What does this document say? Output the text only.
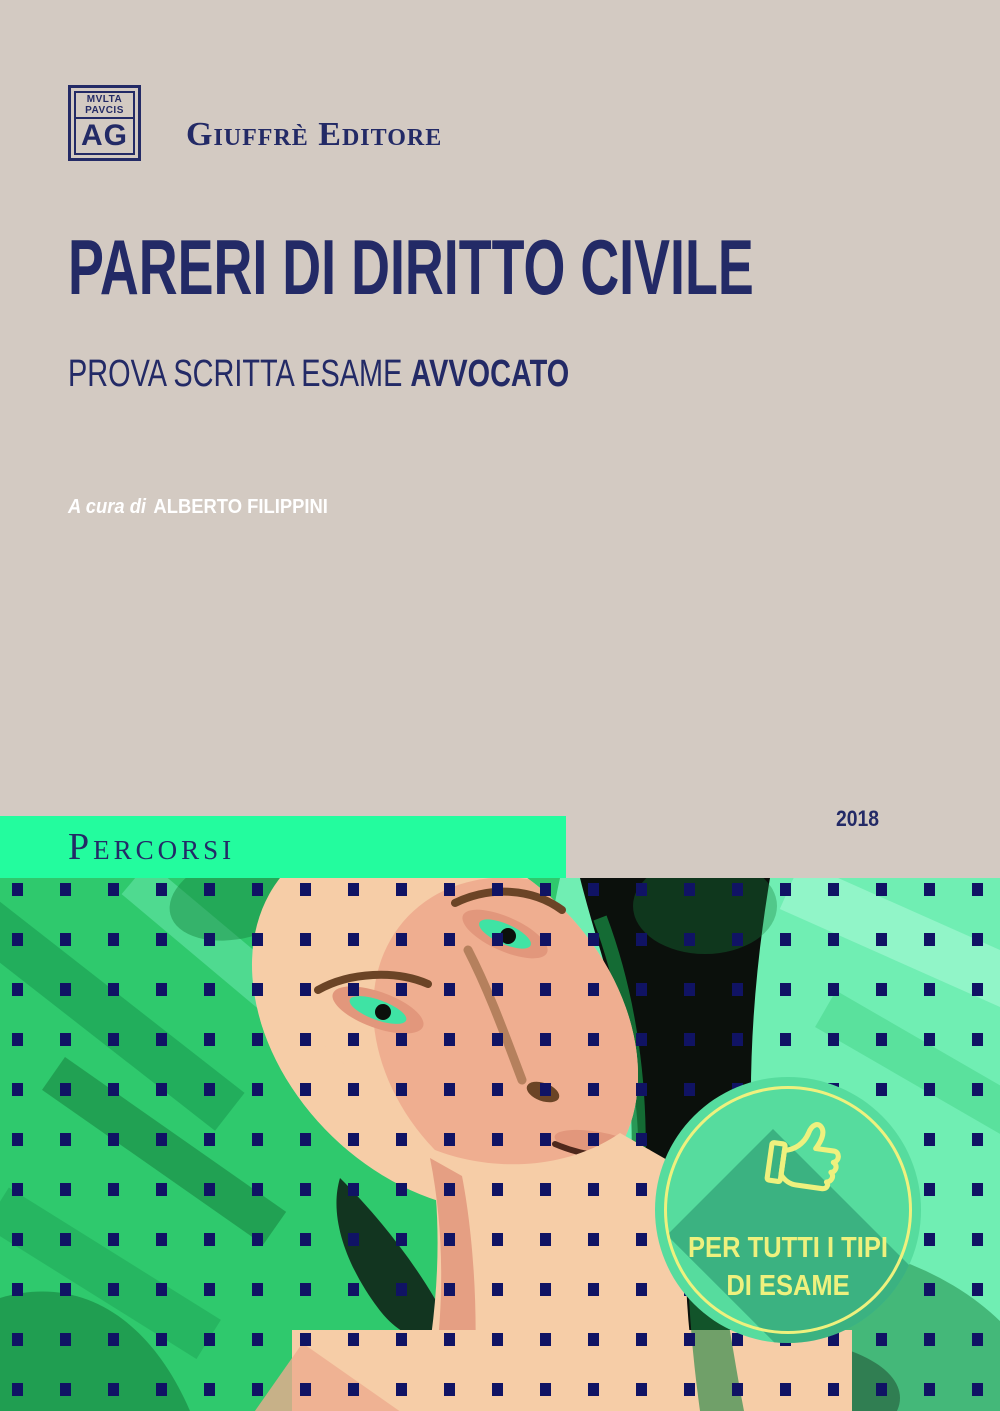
MVLTA
PAVCIS
AG Giuffrè Editore
PARERI DI DIRITTO CIVILE
PROVA SCRITTA ESAME AVVOCATO
A cura di ALBERTO FILIPPINI
Percorsi
2018
PER TUTTI I TIPI
DI ESAME
